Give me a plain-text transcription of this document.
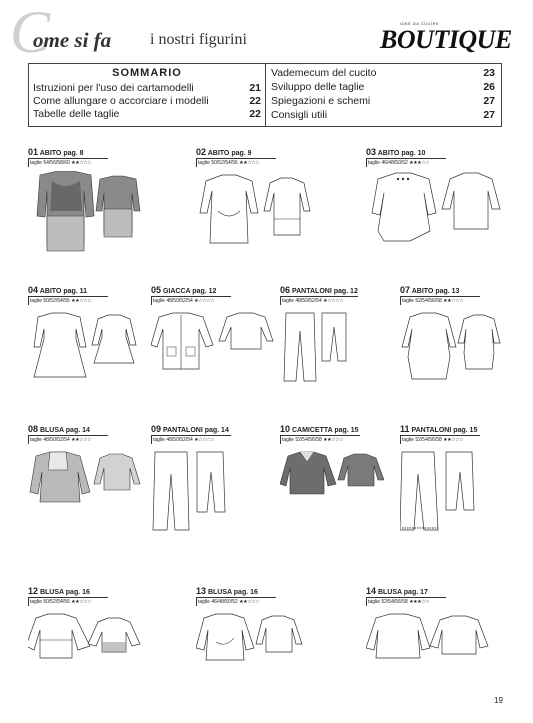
C
ome si fa i nostri figurini
IDEE DA CUCIRE
BOUTIQUE
SOMMARIO
Istruzioni per l'uso dei cartamodelli	21
Come allungare o accorciare i modelli	22
Tabelle delle taglie	22
Vademecum del cucito	23
Sviluppo delle taglie	26
Spiegazioni e schemi	27
Consigli utili	27
01 ABITO pag. 8
taglie 54/56/58/60 ★★☆☆☆
02 ABITO pag. 9
taglie 50/52/54/56 ★★☆☆☆
03 ABITO pag. 10
taglie 46/48/50/52 ★★★☆☆
04 ABITO pag. 11
taglie 50/52/54/56 ★★☆☆☆
05 GIACCA pag. 12
taglie 48/50/52/54 ★☆☆☆☆
06 PANTALONI pag. 12
taglie 48/50/52/54 ★☆☆☆☆
07 ABITO pag. 13
taglie 52/54/56/58 ★★☆☆☆
08 BLUSA pag. 14
taglie 48/50/52/54 ★★☆☆☆
09 PANTALONI pag. 14
taglie 48/50/52/54 ★☆☆☆☆
10 CAMICETTA pag. 15
taglie 52/54/56/58 ★★☆☆☆
11 PANTALONI pag. 15
taglie 52/54/56/58 ★★☆☆☆
12 BLUSA pag. 16
taglie 50/52/54/56 ★★☆☆☆
13 BLUSA pag. 16
taglie 46/48/50/52 ★★☆☆☆
14 BLUSA pag. 17
taglie 52/54/56/58 ★★★☆☆
19
